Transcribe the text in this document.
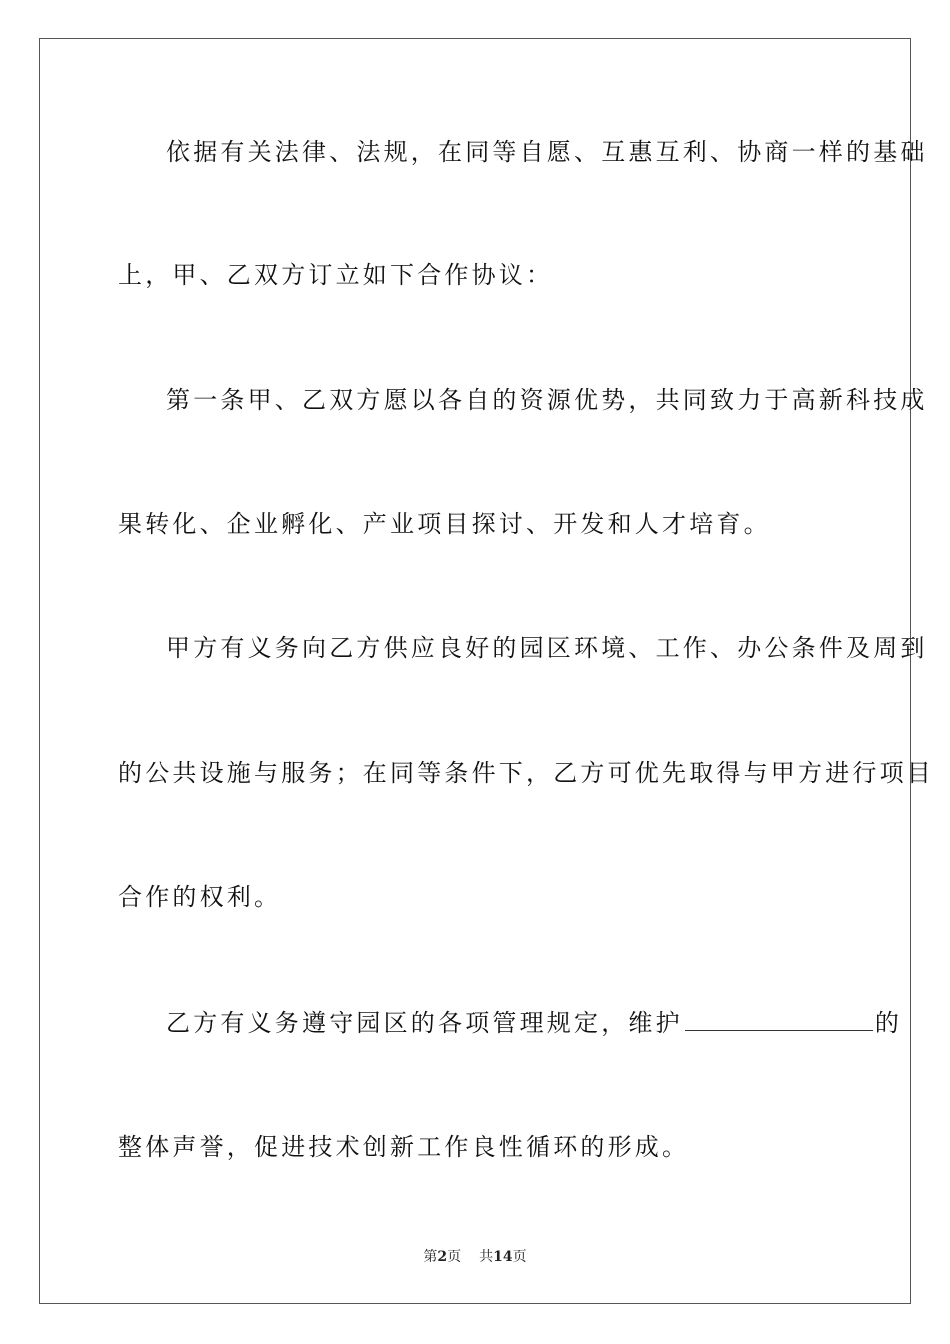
依据有关法律、法规，在同等自愿、互惠互利、协商一样的基础
上，甲、乙双方订立如下合作协议：
第一条甲、乙双方愿以各自的资源优势，共同致力于高新科技成
果转化、企业孵化、产业项目探讨、开发和人才培育。
甲方有义务向乙方供应良好的园区环境、工作、办公条件及周到
的公共设施与服务；在同等条件下，乙方可优先取得与甲方进行项目
合作的权利。
乙方有义务遵守园区的各项管理规定，维护	的
整体声誉，促进技术创新工作良性循环的形成。
第2页 共14页
